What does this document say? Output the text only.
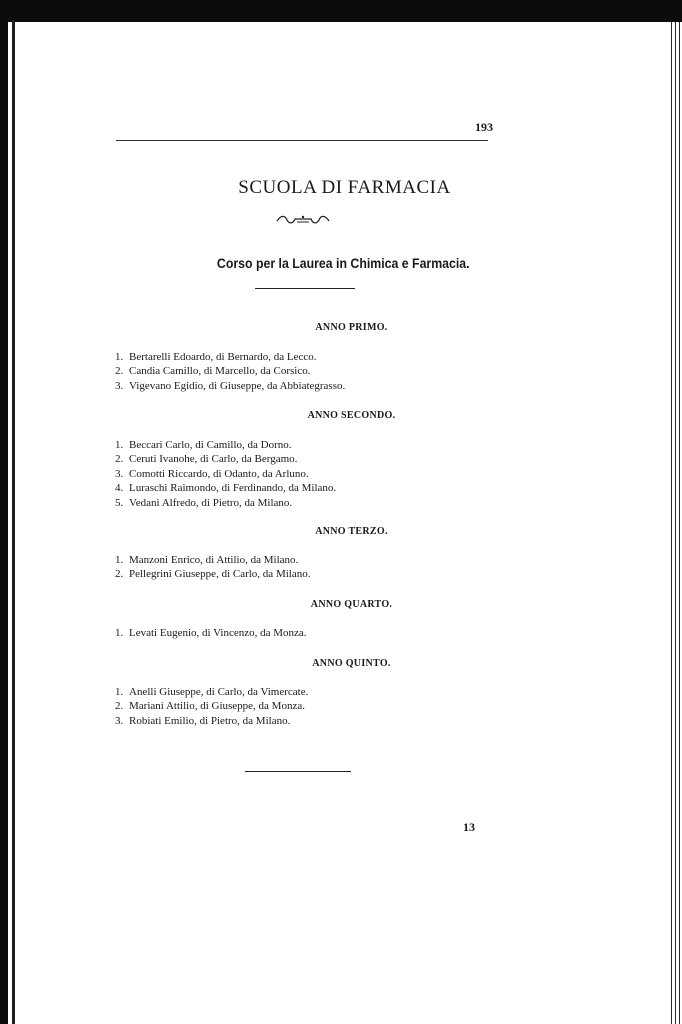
193
SCUOLA DI FARMACIA
Corso per la Laurea in Chimica e Farmacia.
ANNO PRIMO.
1. Bertarelli Edoardo, di Bernardo, da Lecco.
2. Candia Camillo, di Marcello, da Corsico.
3. Vigevano Egidio, di Giuseppe, da Abbiategrasso.
ANNO SECONDO.
1. Beccari Carlo, di Camillo, da Dorno.
2. Ceruti Ivanohe, di Carlo, da Bergamo.
3. Comotti Riccardo, di Odanto, da Arluno.
4. Luraschi Raimondo, di Ferdinando, da Milano.
5. Vedani Alfredo, di Pietro, da Milano.
ANNO TERZO.
1. Manzoni Enrico, di Attilio, da Milano.
2. Pellegrini Giuseppe, di Carlo, da Milano.
ANNO QUARTO.
1. Levati Eugenio, di Vincenzo, da Monza.
ANNO QUINTO.
1. Anelli Giuseppe, di Carlo, da Vimercate.
2. Mariani Attilio, di Giuseppe, da Monza.
3. Robiati Emilio, di Pietro, da Milano.
13
